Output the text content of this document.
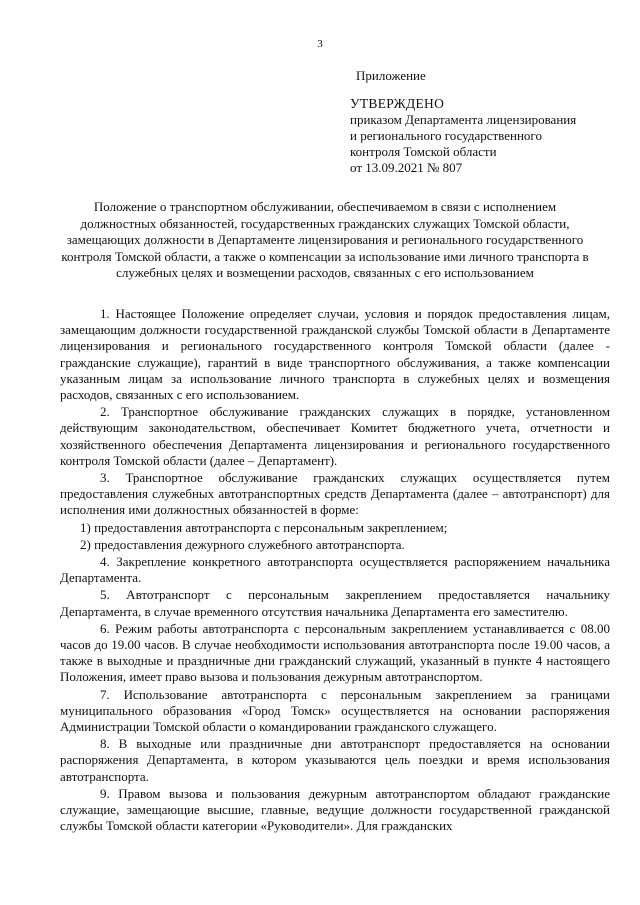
3
Приложение
УТВЕРЖДЕНО
приказом Департамента лицензирования
и регионального государственного
контроля Томской области
от 13.09.2021 № 807
Положение о транспортном обслуживании, обеспечиваемом в связи с исполнением должностных обязанностей, государственных гражданских служащих Томской области, замещающих должности в Департаменте лицензирования и регионального государственного контроля Томской области, а также о компенсации за использование ими личного транспорта в служебных целях и возмещении расходов, связанных с его использованием

1. Настоящее Положение определяет случаи, условия и порядок предоставления лицам, замещающим должности государственной гражданской службы Томской области в Департаменте лицензирования и регионального государственного контроля Томской области (далее - гражданские служащие), гарантий в виде транспортного обслуживания, а также компенсации указанным лицам за использование личного транспорта в служебных целях и возмещения расходов, связанных с его использованием.

2. Транспортное обслуживание гражданских служащих в порядке, установленном действующим законодательством, обеспечивает Комитет бюджетного учета, отчетности и хозяйственного обеспечения Департамента лицензирования и регионального государственного контроля Томской области (далее – Департамент).

3. Транспортное обслуживание гражданских служащих осуществляется путем предоставления служебных автотранспортных средств Департамента (далее – автотранспорт) для исполнения ими должностных обязанностей в форме:

1) предоставления автотранспорта с персональным закреплением;

2) предоставления дежурного служебного автотранспорта.

4. Закрепление конкретного автотранспорта осуществляется распоряжением начальника Департамента.

5. Автотранспорт с персональным закреплением предоставляется начальнику Департамента, в случае временного отсутствия начальника Департамента его заместителю.

6. Режим работы автотранспорта с персональным закреплением устанавливается с 08.00 часов до 19.00 часов. В случае необходимости использования автотранспорта после 19.00 часов, а также в выходные и праздничные дни гражданский служащий, указанный в пункте 4 настоящего Положения, имеет право вызова и пользования дежурным автотранспортом.

7. Использование автотранспорта с персональным закреплением за границами муниципального образования «Город Томск» осуществляется на основании распоряжения Администрации Томской области о командировании гражданского служащего.

8. В выходные или праздничные дни автотранспорт предоставляется на основании распоряжения Департамента, в котором указываются цель поездки и время использования автотранспорта.

9. Правом вызова и пользования дежурным автотранспортом обладают гражданские служащие, замещающие высшие, главные, ведущие должности государственной гражданской службы Томской области категории «Руководители». Для гражданских
